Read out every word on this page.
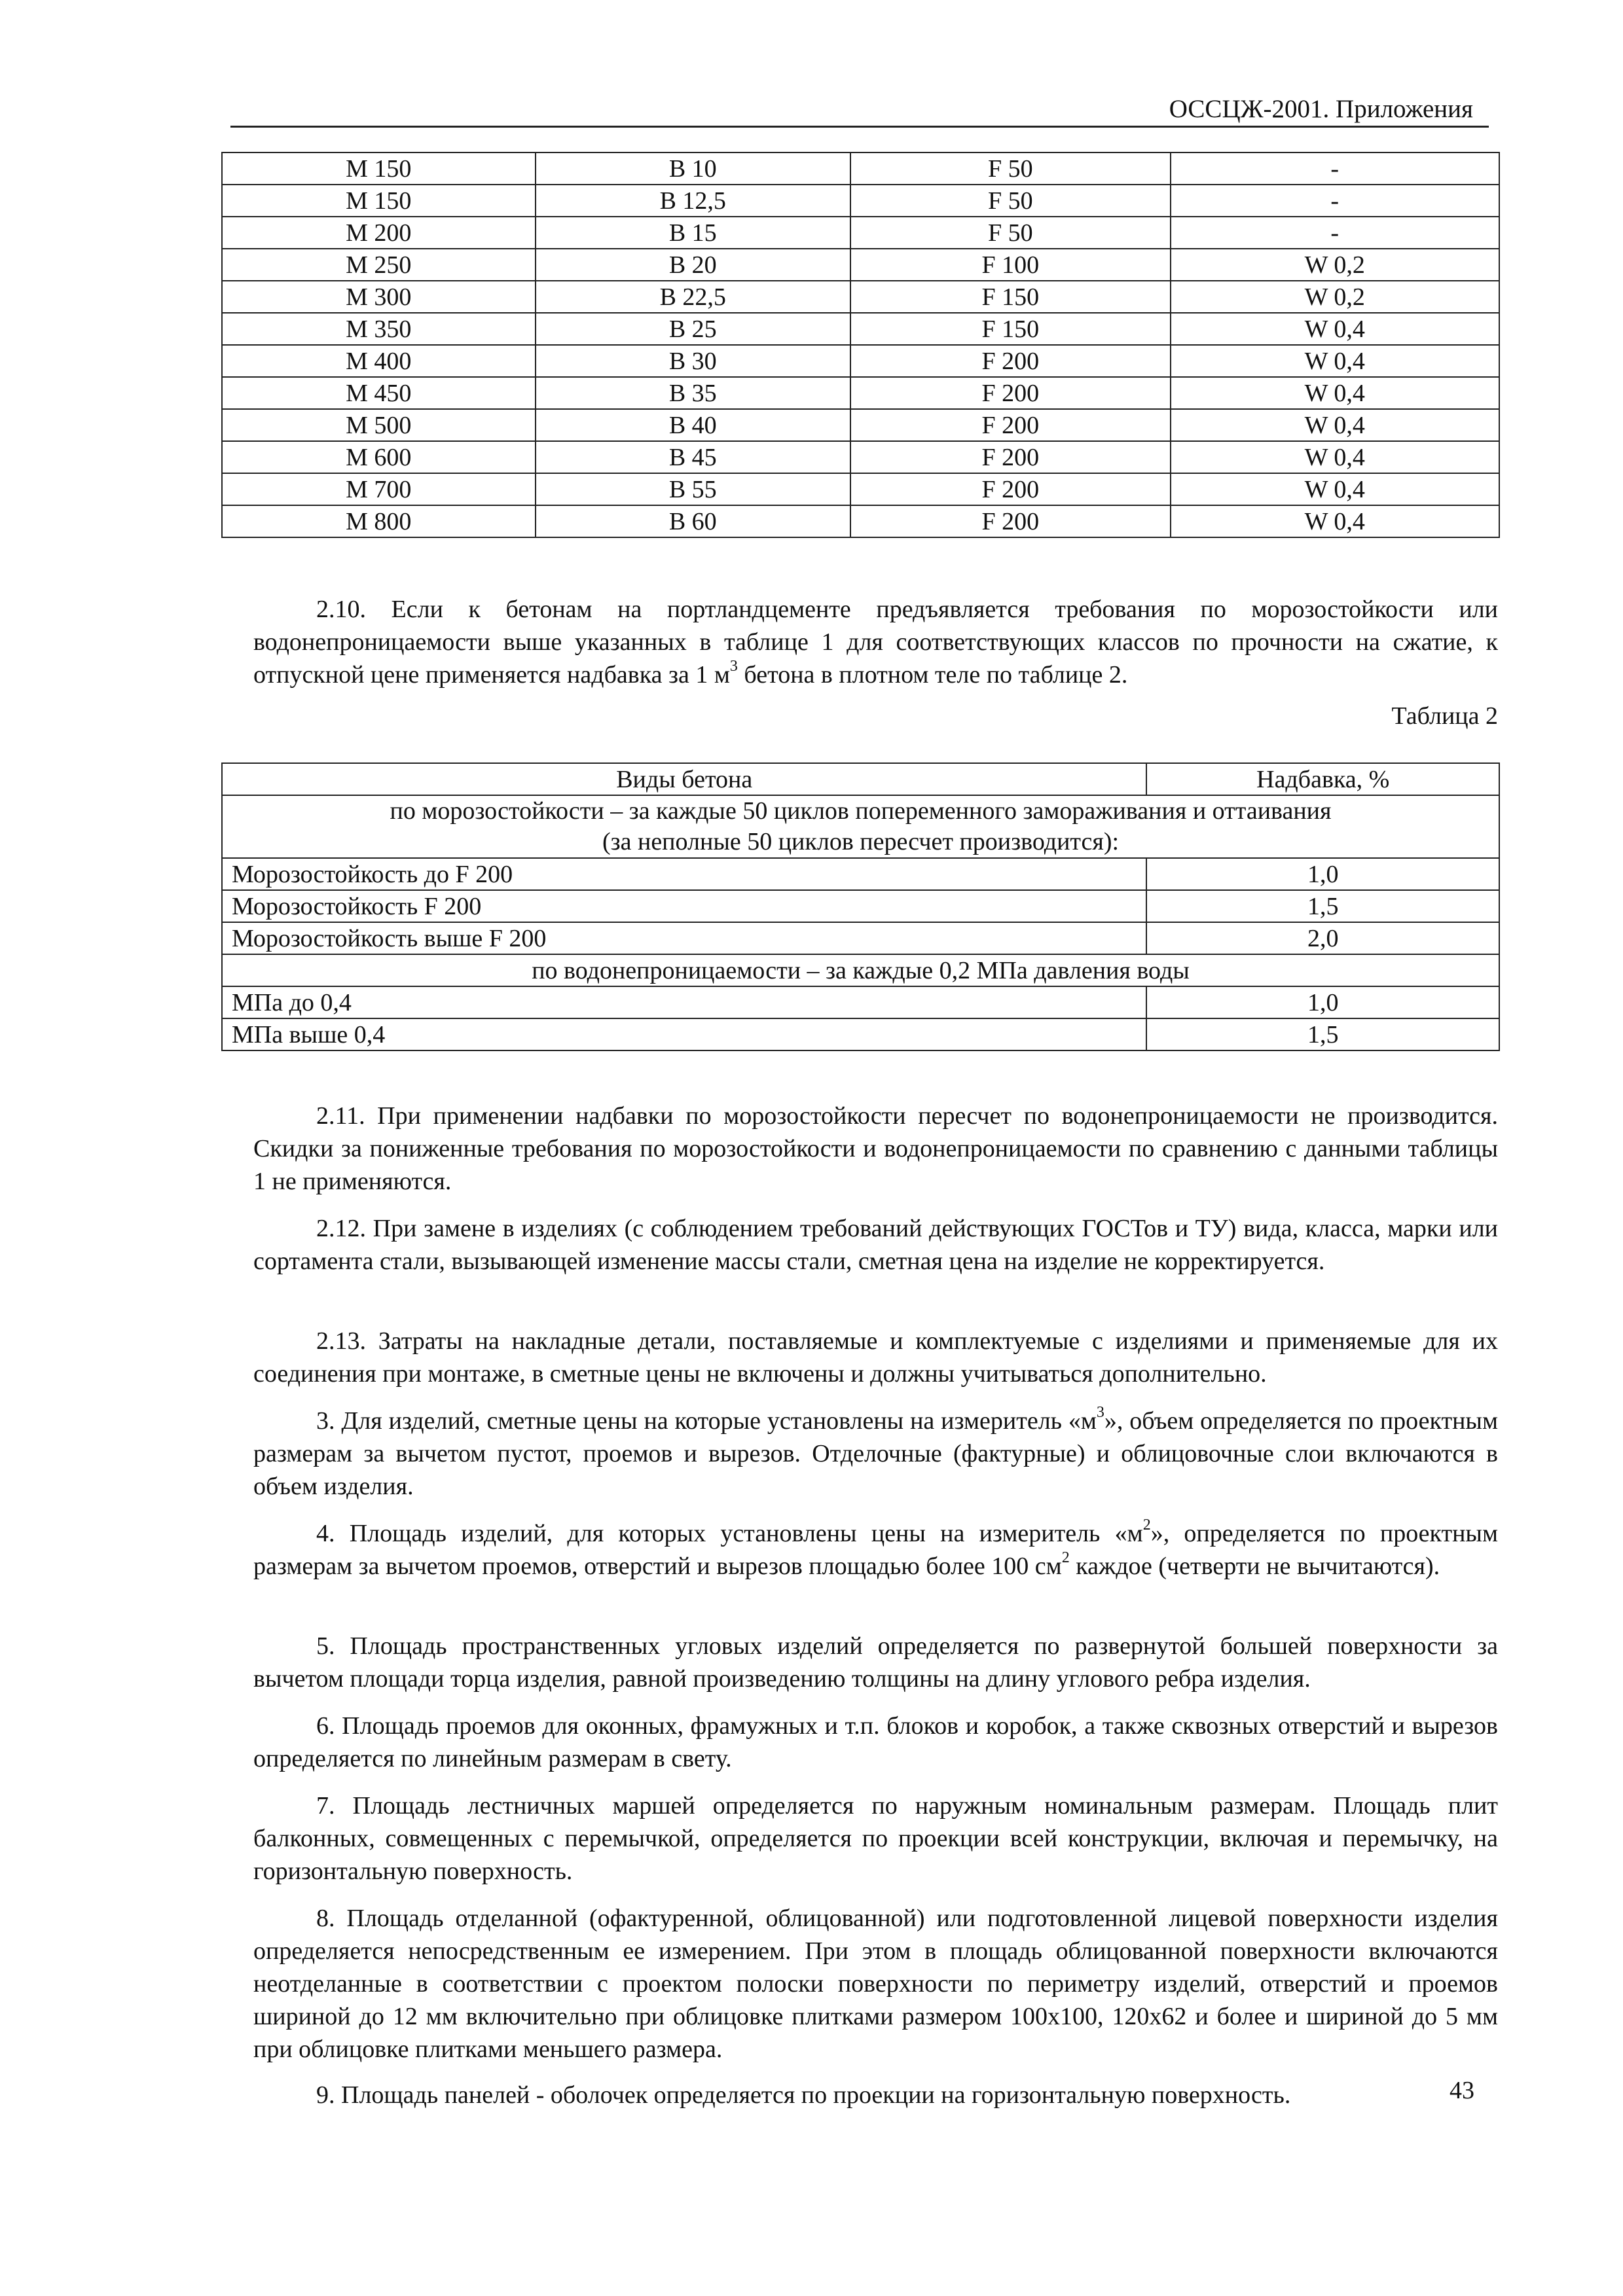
ОССЦЖ-2001. Приложения
М 150	В 10	F 50	-
М 150	В 12,5	F 50	-
М 200	В 15	F 50	-
М 250	В 20	F 100	W 0,2
М 300	В 22,5	F 150	W 0,2
М 350	В 25	F 150	W 0,4
М 400	В 30	F 200	W 0,4
М 450	В 35	F 200	W 0,4
М 500	В 40	F 200	W 0,4
М 600	В 45	F 200	W 0,4
М 700	В 55	F 200	W 0,4
М 800	В 60	F 200	W 0,4
2.10. Если к бетонам на портландцементе предъявляется требования по морозостойкости или водонепроницаемости выше указанных в таблице 1 для соответствующих классов по прочности на сжатие, к отпускной цене применяется надбавка за 1 $м^3$ бетона в плотном теле по таблице 2.
Таблица 2
Виды бетона	Надбавка, %

по морозостойкости – за каждые 50 циклов попеременного замораживания и оттаивания
(за неполные 50 циклов пересчет производится):	

Морозостойкость до F 200	1,0
Морозостойкость F 200	1,5
Морозостойкость выше F 200	2,0
по водонепроницаемости – за каждые 0,2 МПа давления воды	
МПа до 0,4	1,0
МПа выше 0,4	1,5
2.11. При применении надбавки по морозостойкости пересчет по водонепроницаемости не производится. Скидки за пониженные требования по морозостойкости и водонепроницаемости по сравнению с данными таблицы 1 не применяются.
2.12. При замене в изделиях (с соблюдением требований действующих ГОСТов и ТУ) вида, класса, марки или сортамента стали, вызывающей изменение массы стали, сметная цена на изделие не корректируется.
2.13. Затраты на накладные детали, поставляемые и комплектуемые с изделиями и применяемые для их соединения при монтаже, в сметные цены не включены и должны учитываться дополнительно.
3. Для изделий, сметные цены на которые установлены на измеритель «$м^3$», объем определяется по проектным размерам за вычетом пустот, проемов и вырезов. Отделочные (фактурные) и облицовочные слои включаются в объем изделия.
4. Площадь изделий, для которых установлены цены на измеритель «$м^2$», определяется по проектным размерам за вычетом проемов, отверстий и вырезов площадью более 100 $см^2$ каждое (четверти не вычитаются).
5. Площадь пространственных угловых изделий определяется по развернутой большей поверхности за вычетом площади торца изделия, равной произведению толщины на длину углового ребра изделия.
6. Площадь проемов для оконных, фрамужных и т.п. блоков и коробок, а также сквозных отверстий и вырезов определяется по линейным размерам в свету.
7. Площадь лестничных маршей определяется по наружным номинальным размерам. Площадь плит балконных, совмещенных с перемычкой, определяется по проекции всей конструкции, включая и перемычку, на горизонтальную поверхность.
8. Площадь отделанной (офактуренной, облицованной) или подготовленной лицевой поверхности изделия определяется непосредственным ее измерением. При этом в площадь облицованной поверхности включаются неотделанные в соответствии с проектом полоски поверхности по периметру изделий, отверстий и проемов шириной до 12 мм включительно при облицовке плитками размером 100х100, 120х62 и более и шириной до 5 мм при облицовке плитками меньшего размера.
9. Площадь панелей - оболочек определяется по проекции на горизонтальную поверхность.	43
